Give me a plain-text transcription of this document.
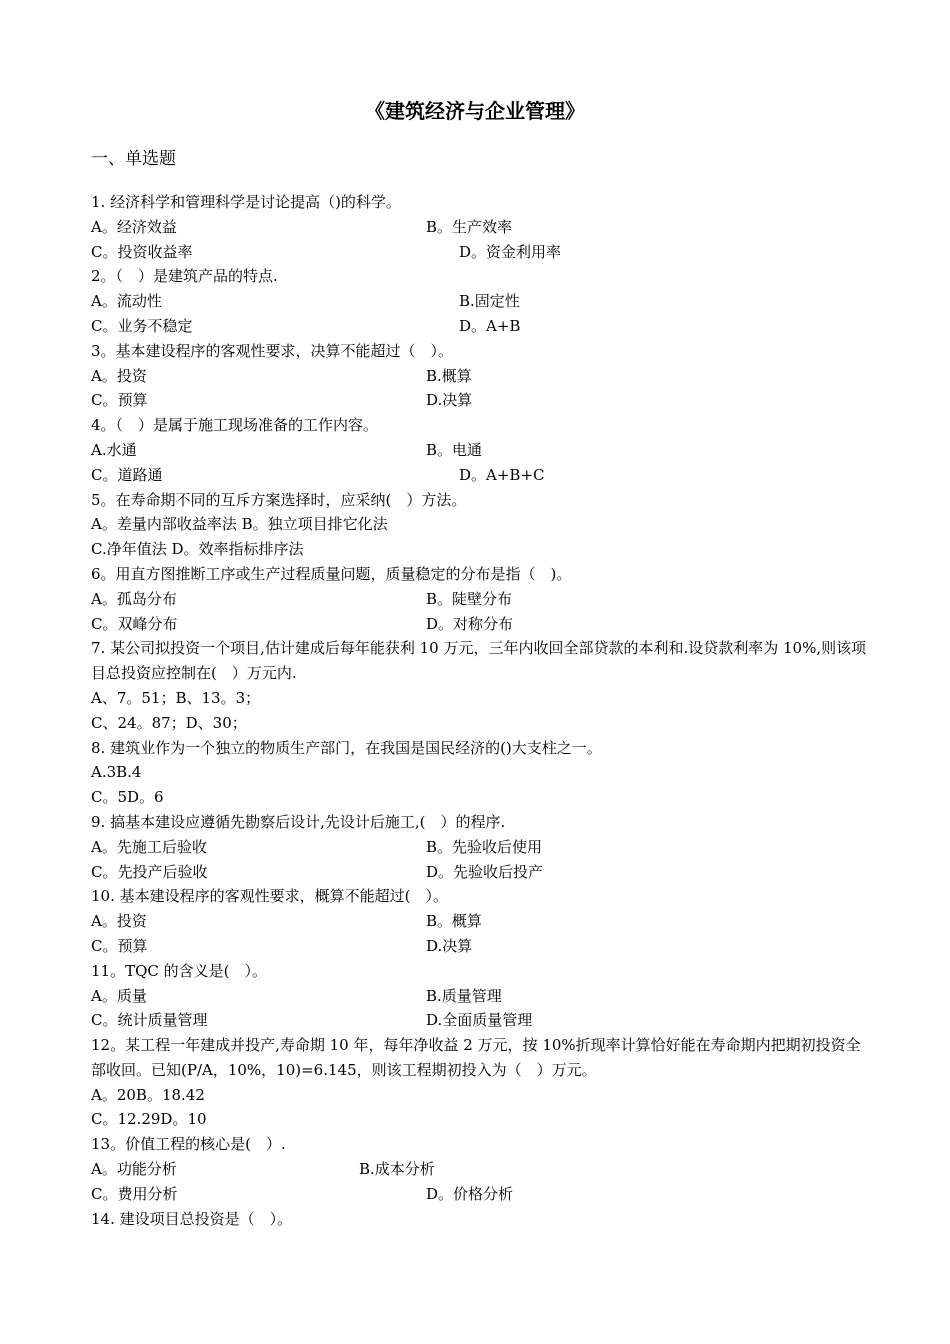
《建筑经济与企业管理》
一、单选题
1. 经济科学和管理科学是讨论提高（)的科学。
A。经济效益	B。生产效率
C。投资收益率	D。资金利用率
2。（　）是建筑产品的特点.
A。流动性	B.固定性
C。业务不稳定	D。A+B
3。基本建设程序的客观性要求，决算不能超过（　）。
A。投资	B.概算
C。预算	D.决算
4。（　）是属于施工现场准备的工作内容。
A.水通	B。电通
C。道路通	D。A+B+C
5。在寿命期不同的互斥方案选择时，应采纳(　）方法。
A。差量内部收益率法 B。独立项目排它化法
C.净年值法 D。效率指标排序法
6。用直方图推断工序或生产过程质量问题，质量稳定的分布是指（　)。
A。孤岛分布	B。陡壁分布
C。双峰分布	D。对称分布
7. 某公司拟投资一个项目,估计建成后每年能获利 10 万元，三年内收回全部贷款的本利和.设贷款利率为 10%,则该项目总投资应控制在(　）万元内.
A、7。51；B、13。3；
C、24。87；D、30；
8. 建筑业作为一个独立的物质生产部门，在我国是国民经济的()大支柱之一。
A.3B.4
C。5D。6
9. 搞基本建设应遵循先勘察后设计,先设计后施工,(　）的程序.
A。先施工后验收	B。先验收后使用
C。先投产后验收	D。先验收后投产
10. 基本建设程序的客观性要求，概算不能超过(　）。
A。投资	B。概算
C。预算	D.决算
11。TQC 的含义是(　）。
A。质量	B.质量管理
C。统计质量管理	D.全面质量管理
12。某工程一年建成并投产,寿命期 10 年，每年净收益 2 万元，按 10%折现率计算恰好能在寿命期内把期初投资全部收回。已知(P/A，10%，10)=6.145，则该工程期初投入为（　）万元。
A。20B。18.42
C。12.29D。10
13。价值工程的核心是(　）.
A。功能分析	B.成本分析
C。费用分析	D。价格分析
14. 建设项目总投资是（　）。
